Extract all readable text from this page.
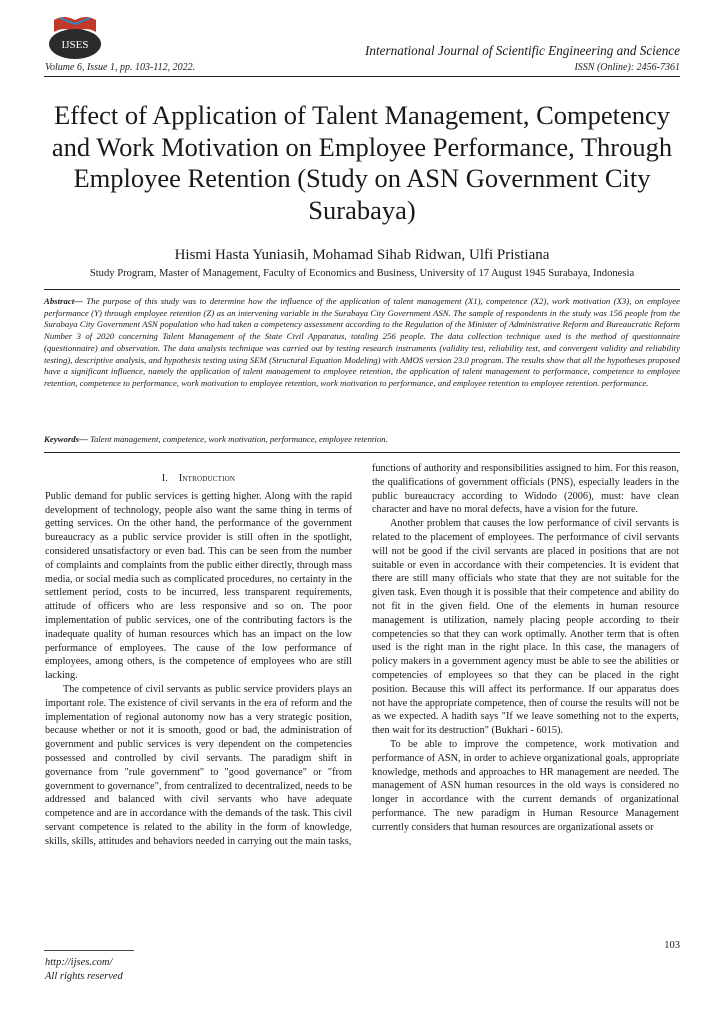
IJSES	International Journal of Scientific Engineering and Science

Volume 6, Issue 1, pp. 103-112, 2022.	ISSN (Online): 2456-7361

Effect of Application of Talent Management, Competency and Work Motivation on Employee Performance, Through Employee Retention (Study on ASN Government City Surabaya)

Hismi Hasta Yuniasih, Mohamad Sihab Ridwan, Ulfi Pristiana

Study Program, Master of Management, Faculty of Economics and Business, University of 17 August 1945 Surabaya, Indonesia

Abstract— The purpose of this study was to determine how the influence of the application of talent management (X1), competence (X2), work motivation (X3), on employee performance (Y) through employee retention (Z) as an intervening variable in the Surabaya City Government ASN. The sample of respondents in the study was 156 people from the Surabaya City Government ASN population who had taken a competency assessment according to the Regulation of the Minister of Administrative Reform and Bureaucratic Reform Number 3 of 2020 concerning Talent Management of the State Civil Apparatus, totaling 256 people. The data collection technique used is the method of questionnaire (questionnaire) and observation. The data analysis technique was carried out by testing research instruments (validity test, reliability test, and convergent validity and reliability testing), descriptive analysis, and hypothesis testing using SEM (Structural Equation Modeling) with AMOS version 23.0 program. The results show that all the hypotheses proposed have a significant influence, namely the application of talent management to employee retention, the application of talent management to performance, competence to employee retention, competence to performance, work motivation to employee retention, work motivation to performance, and employee retention to employee retention. performance.

Keywords— Talent management, competence, work motivation, performance, employee retention.

I. Introduction

Public demand for public services is getting higher. Along with the rapid development of technology, people also want the same thing in terms of getting services. On the other hand, the performance of the government bureaucracy as a public service provider is still often in the spotlight, considered unsatisfactory or even bad. This can be seen from the number of complaints and complaints from the public either directly, through mass media, or social media such as complicated procedures, no certainty in the settlement period, costs to be incurred, less transparent requirements, attitude of officers who are less responsive and so on. The poor implementation of public services, one of the contributing factors is the inadequate quality of human resources which has an impact on the low performance of employees. The cause of the low performance of employees, among others, is the competence of employees who are still lacking.

The competence of civil servants as public service providers plays an important role. The existence of civil servants in the era of reform and the implementation of regional autonomy now has a very strategic position, because whether or not it is smooth, good or bad, the administration of government and public services is very dependent on the competencies possessed and controlled by civil servants. The paradigm shift in governance from "rule government" to "good governance" or "from government to governance", from centralized to decentralized, needs to be addressed and balanced with civil servants who have adequate competence and are in accordance with the demands of the task. This civil servant competence is related to the ability in the form of knowledge, skills, skills, attitudes and behaviors needed in carrying out the main tasks,

functions of authority and responsibilities assigned to him. For this reason, the qualifications of government officials (PNS), especially leaders in the public bureaucracy according to Widodo (2006), must: have clean character and have no moral defects, have a vision for the future.

Another problem that causes the low performance of civil servants is related to the placement of employees. The performance of civil servants will not be good if the civil servants are placed in positions that are not suitable or even in accordance with their competencies. It is evident that there are still many officials who state that they are not suitable for the given task. Even though it is possible that their competence and ability do not fit in the given field. One of the elements in human resource management is utilization, namely placing people according to their competencies so that they can work optimally. Another term that is often used is the right man in the right place. In this case, the managers of policy makers in a government agency must be able to see the abilities or competencies of employees so that they can be placed in the right position. Because this will affect its performance. If our apparatus does not have the appropriate competence, then of course the results will not be as we expected. A hadith says "If we leave something not to the experts, then wait for its destruction" (Bukhari - 6015).

To be able to improve the competence, work motivation and performance of ASN, in order to achieve organizational goals, appropriate knowledge, methods and approaches to HR management are needed. The management of ASN human resources in the old ways is considered no longer in accordance with the current demands of organizational performance. The new paradigm in Human Resource Management currently considers that human resources are organizational assets or

103

http://ijses.com/

All rights reserved
